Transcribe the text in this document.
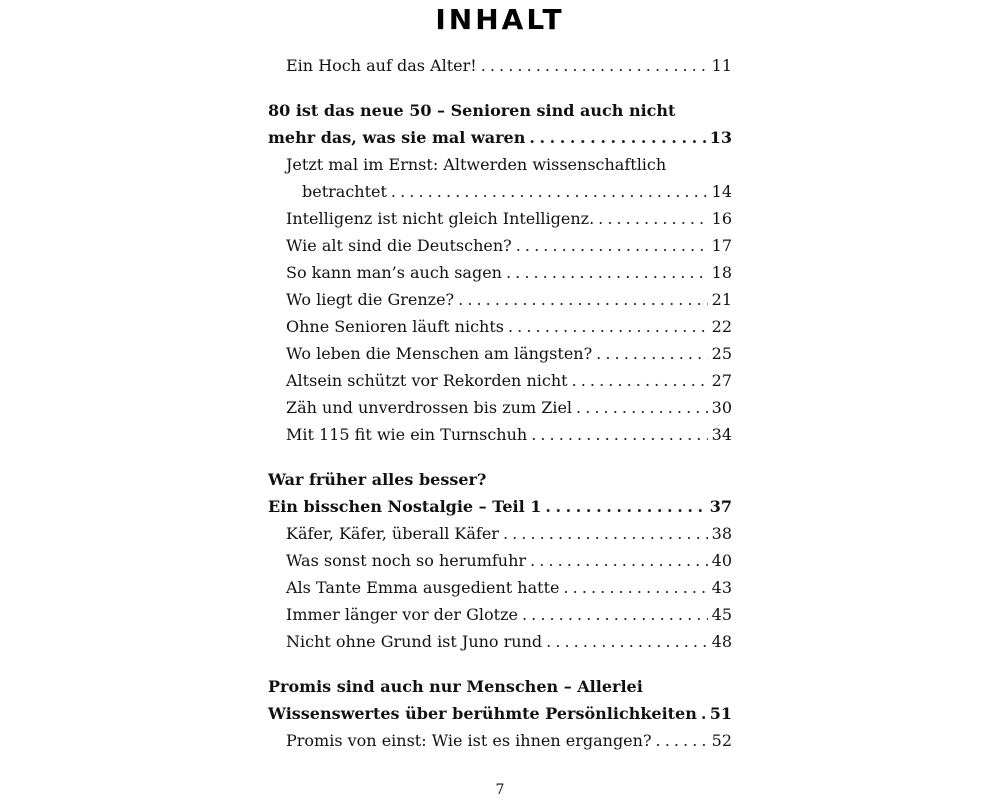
INHALT
Ein Hoch auf das Alter! . . .	11
80 ist das neue 50 – Senioren sind auch nicht
mehr das, was sie mal waren . . .	13
Jetzt mal im Ernst: Altwerden wissenschaftlich
betrachtet . . .	14
Intelligenz ist nicht gleich Intelligenz. . . .	16
Wie alt sind die Deutschen? . . .	17
So kann man’s auch sagen . . .	18
Wo liegt die Grenze? . . .	21
Ohne Senioren läuft nichts . . .	22
Wo leben die Menschen am längsten? . . .	25
Altsein schützt vor Rekorden nicht . . .	27
Zäh und unverdrossen bis zum Ziel . . .	30
Mit 115 fit wie ein Turnschuh . . .	34
War früher alles besser?
Ein bisschen Nostalgie – Teil 1 . . .	37
Käfer, Käfer, überall Käfer . . .	38
Was sonst noch so herumfuhr . . .	40
Als Tante Emma ausgedient hatte . . .	43
Immer länger vor der Glotze . . .	45
Nicht ohne Grund ist Juno rund . . .	48
Promis sind auch nur Menschen – Allerlei
Wissenswertes über berühmte Persönlichkeiten . . . 51
Promis von einst: Wie ist es ihnen ergangen? . . .	52
7
